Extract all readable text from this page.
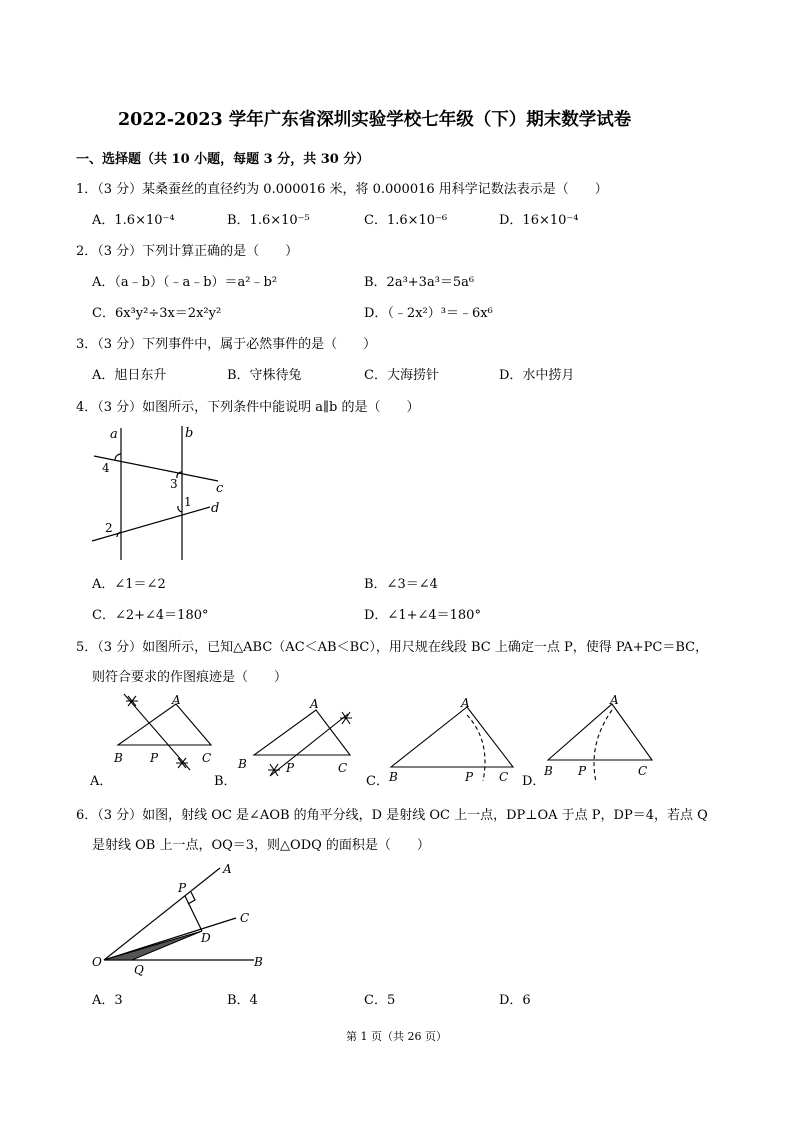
2022-2023 学年广东省深圳实验学校七年级（下）期末数学试卷
一、选择题（共 10 小题，每题 3 分，共 30 分）
1．（3 分）某桑蚕丝的直径约为 0.000016 米，将 0.000016 用科学记数法表示是（　　）
A．1.6×10⁻⁴	B．1.6×10⁻⁵	C．1.6×10⁻⁶	D．16×10⁻⁴
2．（3 分）下列计算正确的是（　　）
A．（a﹣b）（﹣a﹣b）＝a²﹣b²	B．2a³+3a³＝5a⁶
C．6x³y²÷3x＝2x²y²	D．（﹣2x²）³＝﹣6x⁶
3．（3 分）下列事件中，属于必然事件的是（　　）
A．旭日东升	B．守株待兔	C．大海捞针	D．水中捞月
4．（3 分）如图所示，下列条件中能说明 a∥b 的是（　　）
a	b
c
d
4
3
1
2
A．∠1＝∠2	B．∠3＝∠4
C．∠2+∠4＝180°	D．∠1+∠4＝180°
5．（3 分）如图所示，已知△ABC（AC＜AB＜BC），用尺规在线段 BC 上确定一点 P，使得 PA+PC＝BC，
则符合要求的作图痕迹是（　　）
A
B P	C
A．
A
B	P	C
B．
A
B	P C
C．
A
B P	C
D．
6．（3 分）如图，射线 OC 是∠AOB 的角平分线，D 是射线 OC 上一点，DP⊥OA 于点 P，DP＝4，若点 Q
是射线 OB 上一点，OQ＝3，则△ODQ 的面积是（　　）
A
P
C
D
O
Q
B
A．3	B．4	C．5	D．6
第 1 页（共 26 页）
